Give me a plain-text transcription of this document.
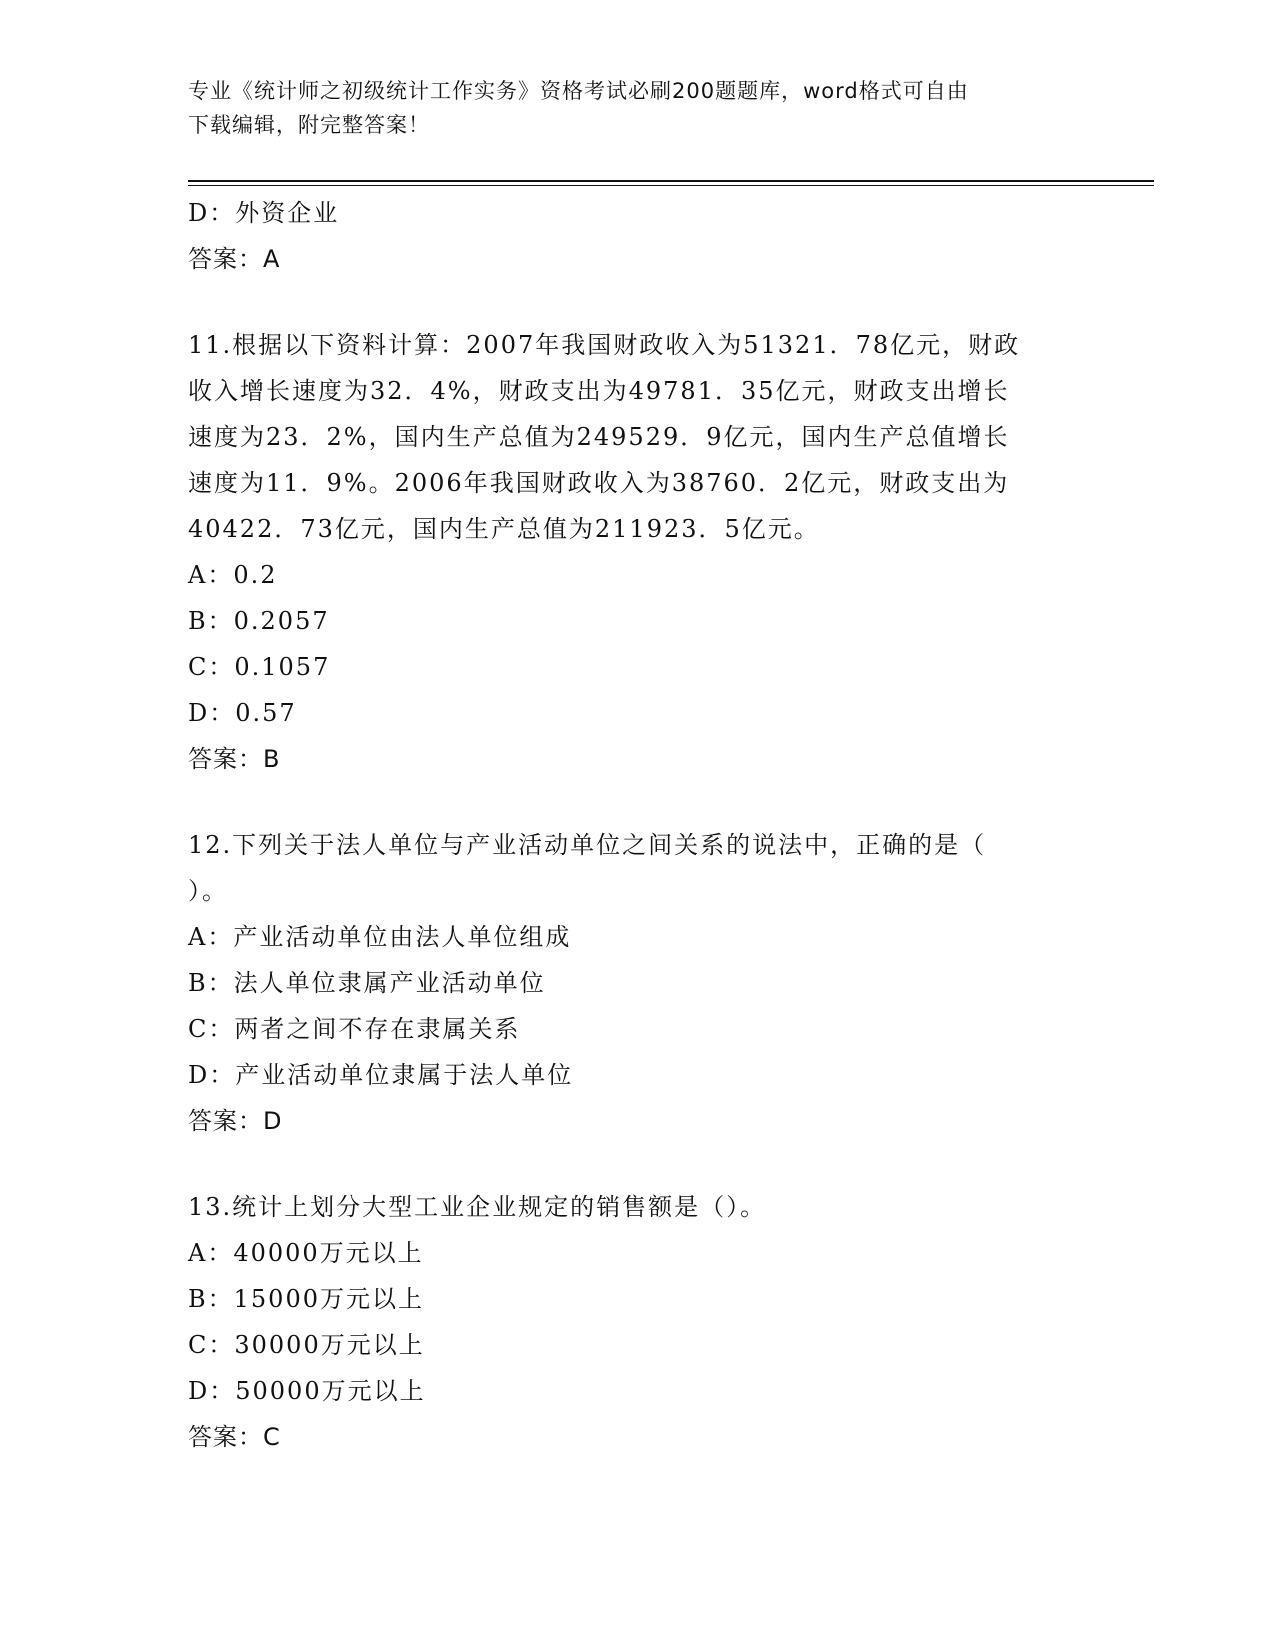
专业《统计师之初级统计工作实务》资格考试必刷200题题库，word格式可自由
下载编辑，附完整答案！
D：外资企业
答案：A
11.根据以下资料计算：2007年我国财政收入为51321．78亿元，财政
收入增长速度为32．4%，财政支出为49781．35亿元，财政支出增长
速度为23．2%，国内生产总值为249529．9亿元，国内生产总值增长
速度为11．9%。2006年我国财政收入为38760．2亿元，财政支出为
40422．73亿元，国内生产总值为211923．5亿元。
A：0.2
B：0.2057
C：0.1057
D：0.57
答案：B
12.下列关于法人单位与产业活动单位之间关系的说法中，正确的是（
）。
A：产业活动单位由法人单位组成
B：法人单位隶属产业活动单位
C：两者之间不存在隶属关系
D：产业活动单位隶属于法人单位
答案：D
13.统计上划分大型工业企业规定的销售额是（）。
A：40000万元以上
B：15000万元以上
C：30000万元以上
D：50000万元以上
答案：C
